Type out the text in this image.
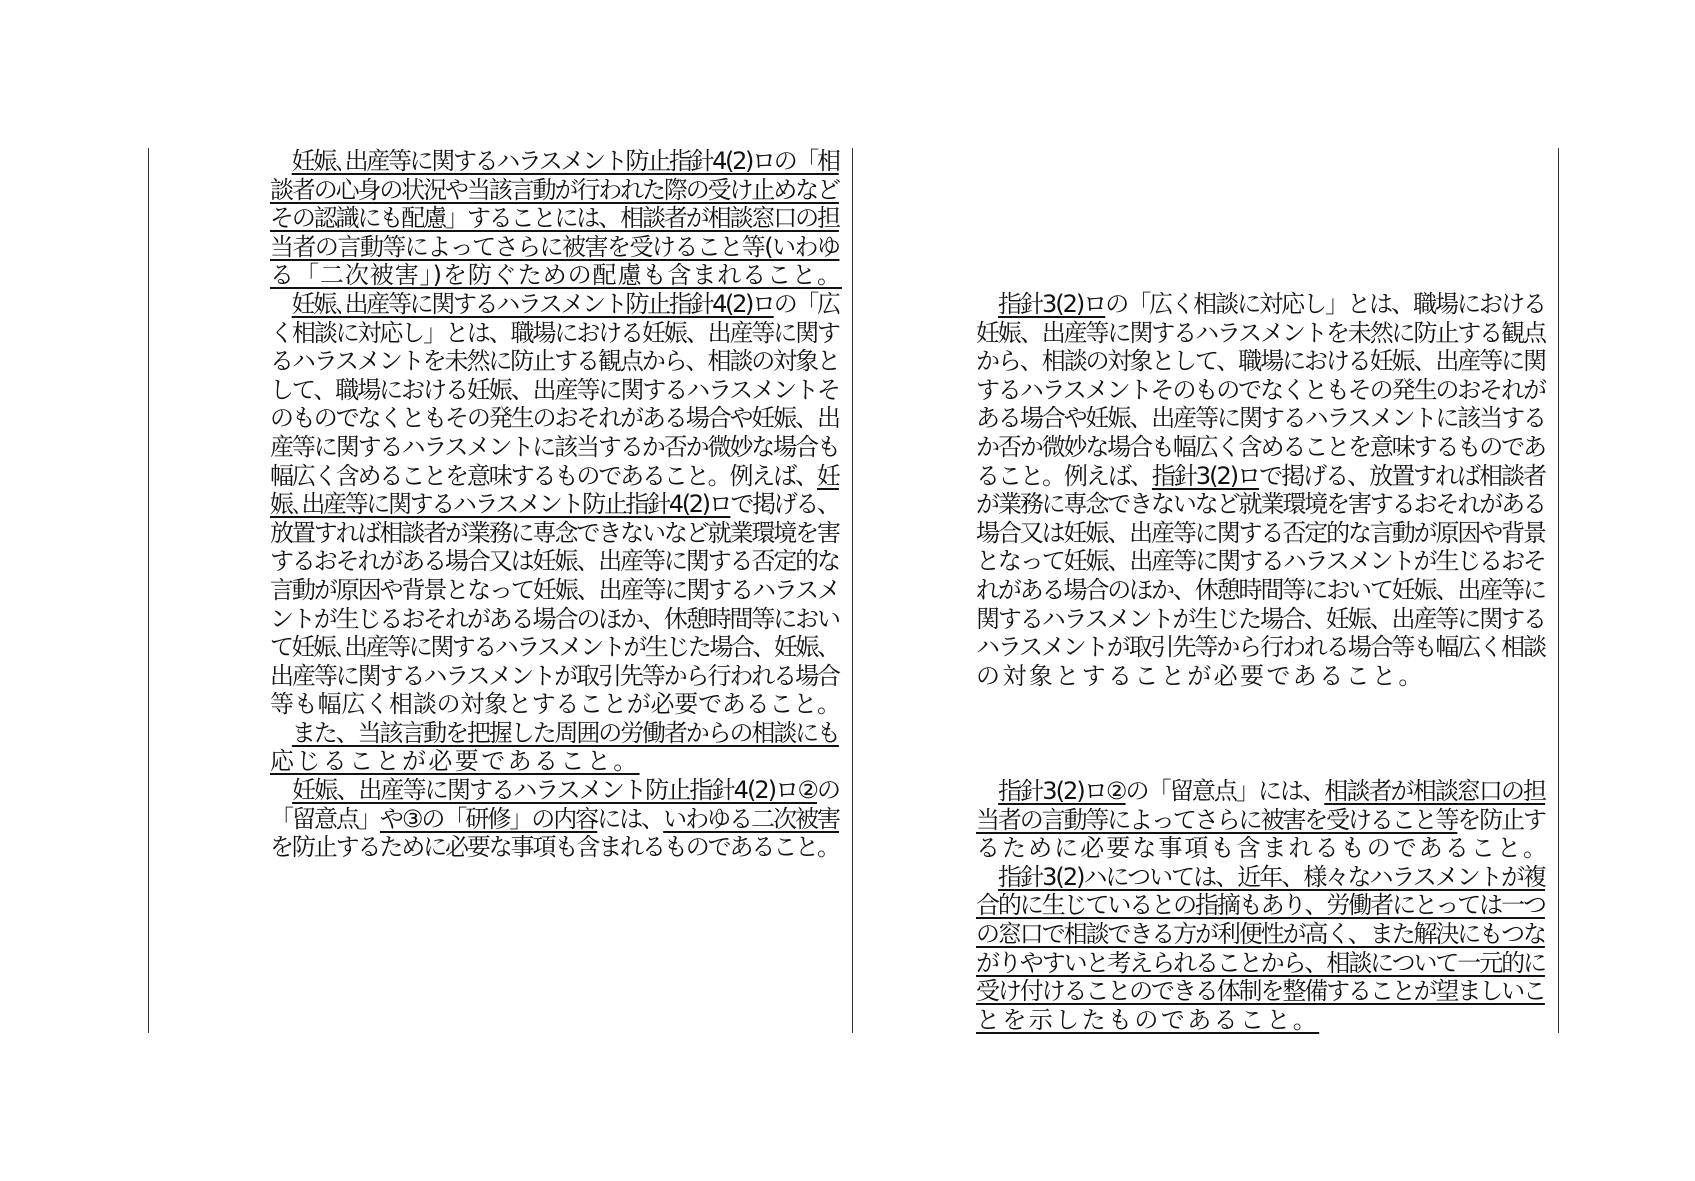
　妊娠､出産等に関するハラスメント防止指針4(2)ロの「相
談者の心身の状況や当該言動が行われた際の受け止めなど
その認識にも配慮」することには、相談者が相談窓口の担
当者の言動等によってさらに被害を受けること等(いわゆ
る「二次被害」)を防ぐための配慮も含まれること。
　妊娠､出産等に関するハラスメント防止指針4(2)ロの「広
く相談に対応し」とは、職場における妊娠、出産等に関す
るハラスメントを未然に防止する観点から、相談の対象と
して、職場における妊娠、出産等に関するハラスメントそ
のものでなくともその発生のおそれがある場合や妊娠、出
産等に関するハラスメントに該当するか否か微妙な場合も
幅広く含めることを意味するものであること。例えば、妊
娠､出産等に関するハラスメント防止指針4(2)ロで掲げる、
放置すれば相談者が業務に専念できないなど就業環境を害
するおそれがある場合又は妊娠、出産等に関する否定的な
言動が原因や背景となって妊娠、出産等に関するハラスメ
ントが生じるおそれがある場合のほか、休憩時間等におい
て妊娠､出産等に関するハラスメントが生じた場合、妊娠、
出産等に関するハラスメントが取引先等から行われる場合
等も幅広く相談の対象とすることが必要であること。
　また、当該言動を把握した周囲の労働者からの相談にも
応じることが必要であること。
　妊娠、出産等に関するハラスメント防止指針4(2)ロ②の
「留意点」や③の「研修」の内容には、いわゆる二次被害
を防止するために必要な事項も含まれるものであること。
　指針3(2)ロの「広く相談に対応し」とは、職場における
妊娠、出産等に関するハラスメントを未然に防止する観点
から、相談の対象として、職場における妊娠、出産等に関
するハラスメントそのものでなくともその発生のおそれが
ある場合や妊娠、出産等に関するハラスメントに該当する
か否か微妙な場合も幅広く含めることを意味するものであ
ること。例えば、指針3(2)ロで掲げる、放置すれば相談者
が業務に専念できないなど就業環境を害するおそれがある
場合又は妊娠、出産等に関する否定的な言動が原因や背景
となって妊娠、出産等に関するハラスメントが生じるおそ
れがある場合のほか、休憩時間等において妊娠、出産等に
関するハラスメントが生じた場合、妊娠、出産等に関する
ハラスメントが取引先等から行われる場合等も幅広く相談
の対象とすることが必要であること。
　指針3(2)ロ②の「留意点」には、相談者が相談窓口の担
当者の言動等によってさらに被害を受けること等を防止す
るために必要な事項も含まれるものであること。
　指針3(2)ハについては、近年、様々なハラスメントが複
合的に生じているとの指摘もあり、労働者にとっては一つ
の窓口で相談できる方が利便性が高く、また解決にもつな
がりやすいと考えられることから、相談について一元的に
受け付けることのできる体制を整備することが望ましいこ
とを示したものであること。
